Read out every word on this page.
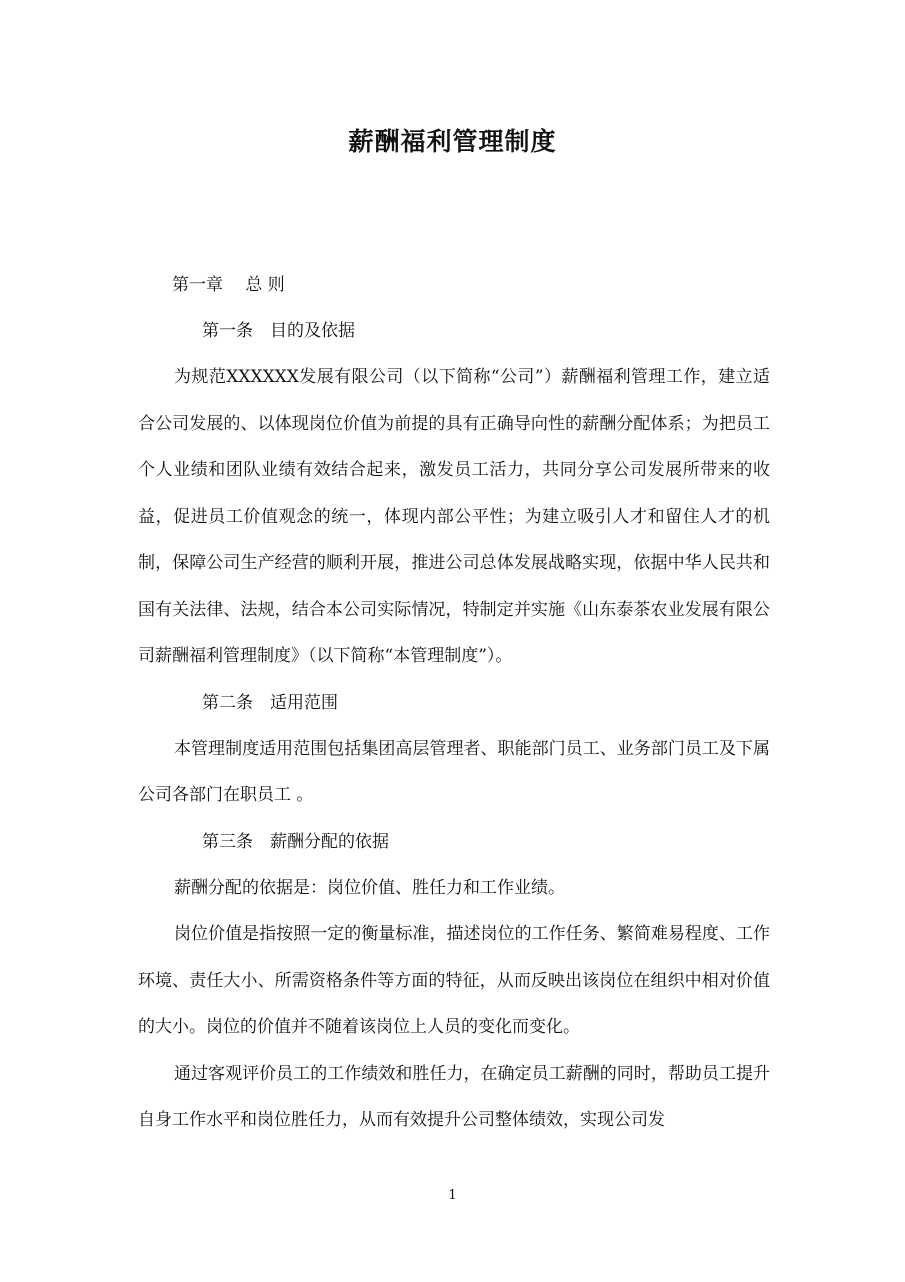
薪酬福利管理制度

第一章　 总 则

第一条　目的及依据

为规范XXXXXX发展有限公司（以下简称“公司”）薪酬福利管理工作，建立适合公司发展的、以体现岗位价值为前提的具有正确导向性的薪酬分配体系；为把员工个人业绩和团队业绩有效结合起来，激发员工活力，共同分享公司发展所带来的收益，促进员工价值观念的统一，体现内部公平性；为建立吸引人才和留住人才的机制，保障公司生产经营的顺利开展，推进公司总体发展战略实现，依据中华人民共和国有关法律、法规，结合本公司实际情况，特制定并实施《山东泰茶农业发展有限公司薪酬福利管理制度》（以下简称“本管理制度”）。

第二条　适用范围

本管理制度适用范围包括集团高层管理者、职能部门员工、业务部门员工及下属公司各部门在职员工 。

第三条　薪酬分配的依据

薪酬分配的依据是：岗位价值、胜任力和工作业绩。

岗位价值是指按照一定的衡量标准，描述岗位的工作任务、繁简难易程度、工作环境、责任大小、所需资格条件等方面的特征，从而反映出该岗位在组织中相对价值的大小。岗位的价值并不随着该岗位上人员的变化而变化。

通过客观评价员工的工作绩效和胜任力，在确定员工薪酬的同时，帮助员工提升自身工作水平和岗位胜任力，从而有效提升公司整体绩效，实现公司发

1
